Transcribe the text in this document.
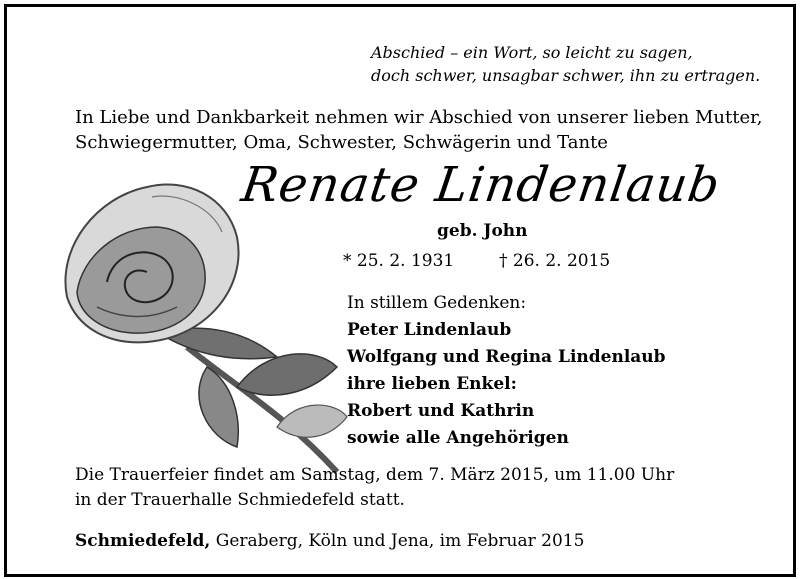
Abschied – ein Wort, so leicht zu sagen,
doch schwer, unsagbar schwer, ihn zu ertragen.
In Liebe und Dankbarkeit nehmen wir Abschied von unserer lieben Mutter,
Schwiegermutter, Oma, Schwester, Schwägerin und Tante
Renate Lindenlaub
geb. John
* 25. 2. 1931	† 26. 2. 2015
In stillem Gedenken:
Peter Lindenlaub
Wolfgang und Regina Lindenlaub
ihre lieben Enkel:
Robert und Kathrin
sowie alle Angehörigen
Die Trauerfeier findet am Samstag, dem 7. März 2015, um 11.00 Uhr
in der Trauerhalle Schmiedefeld statt.
Schmiedefeld, Geraberg, Köln und Jena, im Februar 2015
